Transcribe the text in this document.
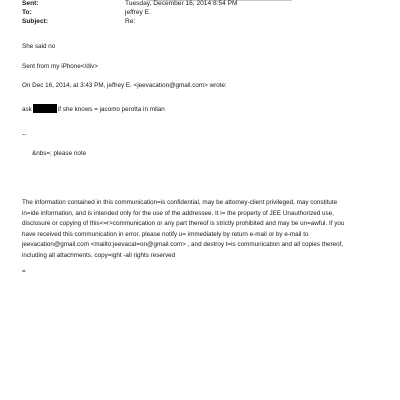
Sent:	Tuesday, December 16, 2014 8:54 PM
To:	jeffrey E.
Subject:	Re:
She said no
Sent from my iPhone</div>
On Dec 16, 2014, at 3:43 PM, jeffrey E. <jeevacation@gmail.com> wrote:
ask	if she knows = jacomo perotta in milan
--
&nbs=; please note
The information contained in this communication=is confidential, may be attorney-client privileged, may constitute
in=ide information, and is intended only for the use of the addressee. It i= the property of JEE Unauthorized use,
disclosure or copying of this<=r>communication or any part thereof is strictly prohibited and may be un=awful. If you
have received this communication in error, please notify u= immediately by return e-mail or by e-mail to
jeevacation@gmail.com <mailto:jeevacat=on@gmail.com> , and destroy t=is communication and all copies thereof,
including all attachments. copy=ight -all rights reserved
=
